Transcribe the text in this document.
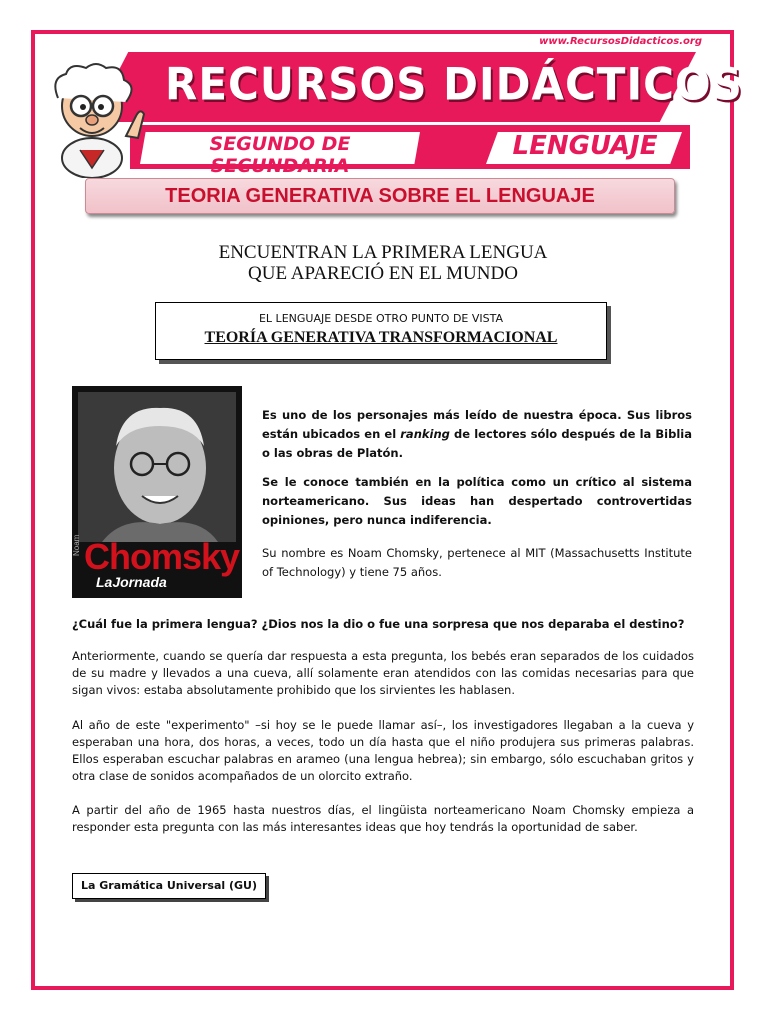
www.RecursosDidacticos.org
RECURSOS DIDÁCTICOS
SEGUNDO DE SECUNDARIA
LENGUAJE
TEORIA GENERATIVA SOBRE EL LENGUAJE
ENCUENTRAN LA PRIMERA LENGUA
QUE APARECIÓ EN EL MUNDO
EL LENGUAJE DESDE OTRO PUNTO DE VISTA
TEORÍA GENERATIVA TRANSFORMACIONAL
Chomsky
LaJornada
Noam
Es uno de los personajes más leído de nuestra época. Sus libros están ubicados en el ranking de lectores sólo después de la Biblia o las obras de Platón.
Se le conoce también en la política como un crítico al sistema norteamericano. Sus ideas han despertado controvertidas opiniones, pero nunca indiferencia.
Su nombre es Noam Chomsky, pertenece al MIT (Massachusetts Institute of Technology) y tiene 75 años.
¿Cuál fue la primera lengua? ¿Dios nos la dio o fue una sorpresa que nos deparaba el destino?
Anteriormente, cuando se quería dar respuesta a esta pregunta, los bebés eran separados de los cuidados de su madre y llevados a una cueva, allí solamente eran atendidos con las comidas necesarias para que sigan vivos: estaba absolutamente prohibido que los sirvientes les hablasen.
Al año de este "experimento" –si hoy se le puede llamar así–, los investigadores llegaban a la cueva y esperaban una hora, dos horas, a veces, todo un día hasta que el niño produjera sus primeras palabras. Ellos esperaban escuchar palabras en arameo (una lengua hebrea); sin embargo, sólo escuchaban gritos y otra clase de sonidos acompañados de un olorcito extraño.
A partir del año de 1965 hasta nuestros días, el lingüista norteamericano Noam Chomsky empieza a responder esta pregunta con las más interesantes ideas que hoy tendrás la oportunidad de saber.
La Gramática Universal (GU)
